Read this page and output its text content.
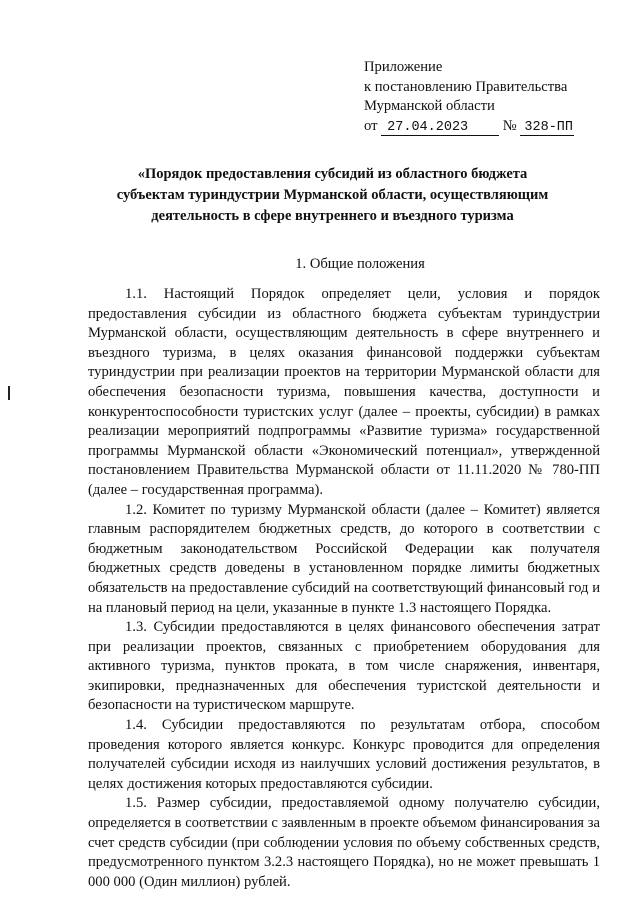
Приложение
к постановлению Правительства
Мурманской области
от 27.04.2023 № 328-ПП
«Порядок предоставления субсидий из областного бюджета
субъектам туриндустрии Мурманской области, осуществляющим
деятельность в сфере внутреннего и въездного туризма
1. Общие положения

1.1. Настоящий Порядок определяет цели, условия и порядок предоставления субсидии из областного бюджета субъектам туриндустрии Мурманской области, осуществляющим деятельность в сфере внутреннего и въездного туризма, в целях оказания финансовой поддержки субъектам туриндустрии при реализации проектов на территории Мурманской области для обеспечения безопасности туризма, повышения качества, доступности и конкурентоспособности туристских услуг (далее – проекты, субсидии) в рамках реализации мероприятий подпрограммы «Развитие туризма» государственной программы Мурманской области «Экономический потенциал», утвержденной постановлением Правительства Мурманской области от 11.11.2020 № 780-ПП (далее – государственная программа).

1.2. Комитет по туризму Мурманской области (далее – Комитет) является главным распорядителем бюджетных средств, до которого в соответствии с бюджетным законодательством Российской Федерации как получателя бюджетных средств доведены в установленном порядке лимиты бюджетных обязательств на предоставление субсидий на соответствующий финансовый год и на плановый период на цели, указанные в пункте 1.3 настоящего Порядка.

1.3. Субсидии предоставляются в целях финансового обеспечения затрат при реализации проектов, связанных с приобретением оборудования для активного туризма, пунктов проката, в том числе снаряжения, инвентаря, экипировки, предназначенных для обеспечения туристской деятельности и безопасности на туристическом маршруте.

1.4. Субсидии предоставляются по результатам отбора, способом проведения которого является конкурс. Конкурс проводится для определения получателей субсидии исходя из наилучших условий достижения результатов, в целях достижения которых предоставляются субсидии.

1.5. Размер субсидии, предоставляемой одному получателю субсидии, определяется в соответствии с заявленным в проекте объемом финансирования за счет средств субсидии (при соблюдении условия по объему собственных средств, предусмотренного пунктом 3.2.3 настоящего Порядка), но не может превышать 1 000 000 (Один миллион) рублей.
